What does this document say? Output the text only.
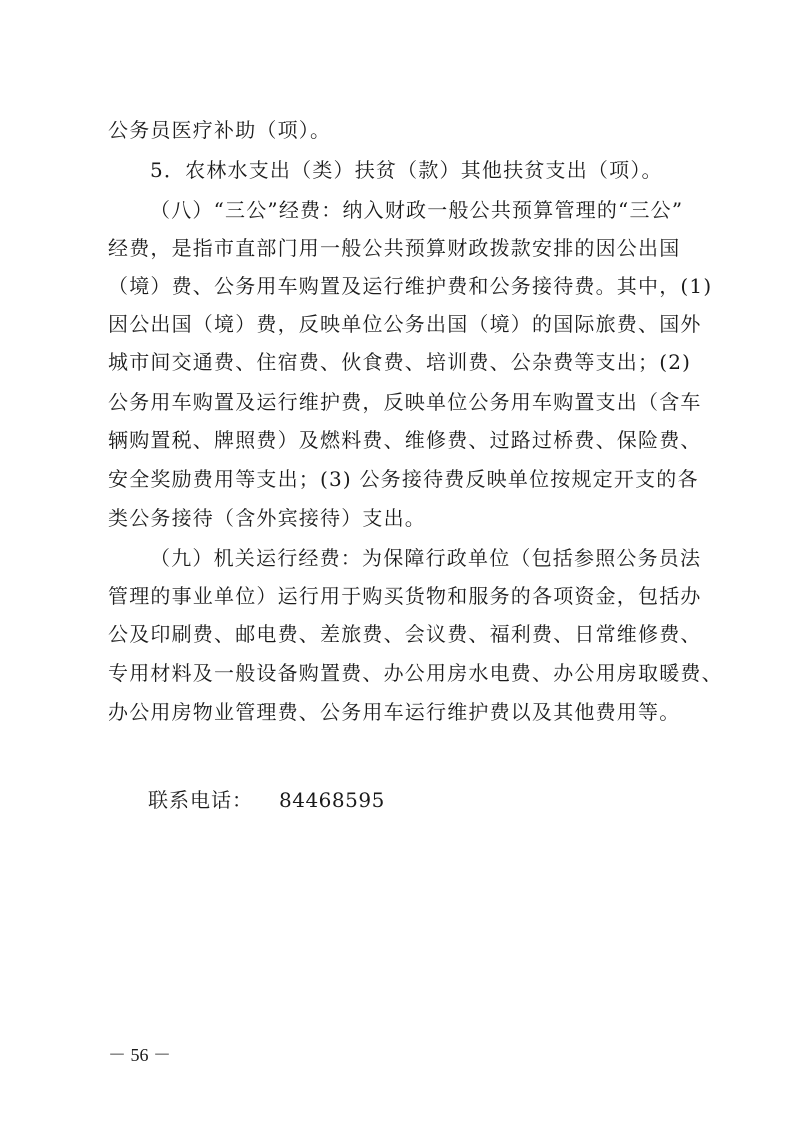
公务员医疗补助（项）。
5．农林水支出（类）扶贫（款）其他扶贫支出（项）。
（八）“三公”经费：纳入财政一般公共预算管理的“三公”
经费，是指市直部门用一般公共预算财政拨款安排的因公出国
（境）费、公务用车购置及运行维护费和公务接待费。其中，(1)
因公出国（境）费，反映单位公务出国（境）的国际旅费、国外
城市间交通费、住宿费、伙食费、培训费、公杂费等支出；(2)
公务用车购置及运行维护费，反映单位公务用车购置支出（含车
辆购置税、牌照费）及燃料费、维修费、过路过桥费、保险费、
安全奖励费用等支出；(3) 公务接待费反映单位按规定开支的各
类公务接待（含外宾接待）支出。
（九）机关运行经费：为保障行政单位（包括参照公务员法
管理的事业单位）运行用于购买货物和服务的各项资金，包括办
公及印刷费、邮电费、差旅费、会议费、福利费、日常维修费、
专用材料及一般设备购置费、办公用房水电费、办公用房取暖费、
办公用房物业管理费、公务用车运行维护费以及其他费用等。
联系电话： 84468595
－ 56 －
